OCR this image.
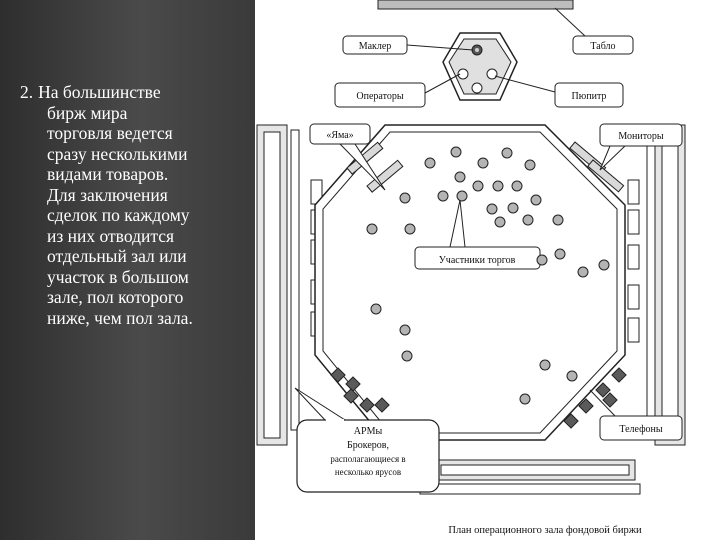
2. На большинстве
бирж мира
торговля ведется
сразу несколькими
видами товаров.
Для заключения
сделок по каждому
из них отводится
отдельный зал или
участок в большом
зале, пол которого
ниже, чем пол зала.
Маклер	Табло
Операторы	Пюпитр
«Яма»	Мониторы
Участники торгов
Телефоны
АРМы
Брокеров,
располагающиеся в
несколько ярусов
План операционного зала фондовой биржи
